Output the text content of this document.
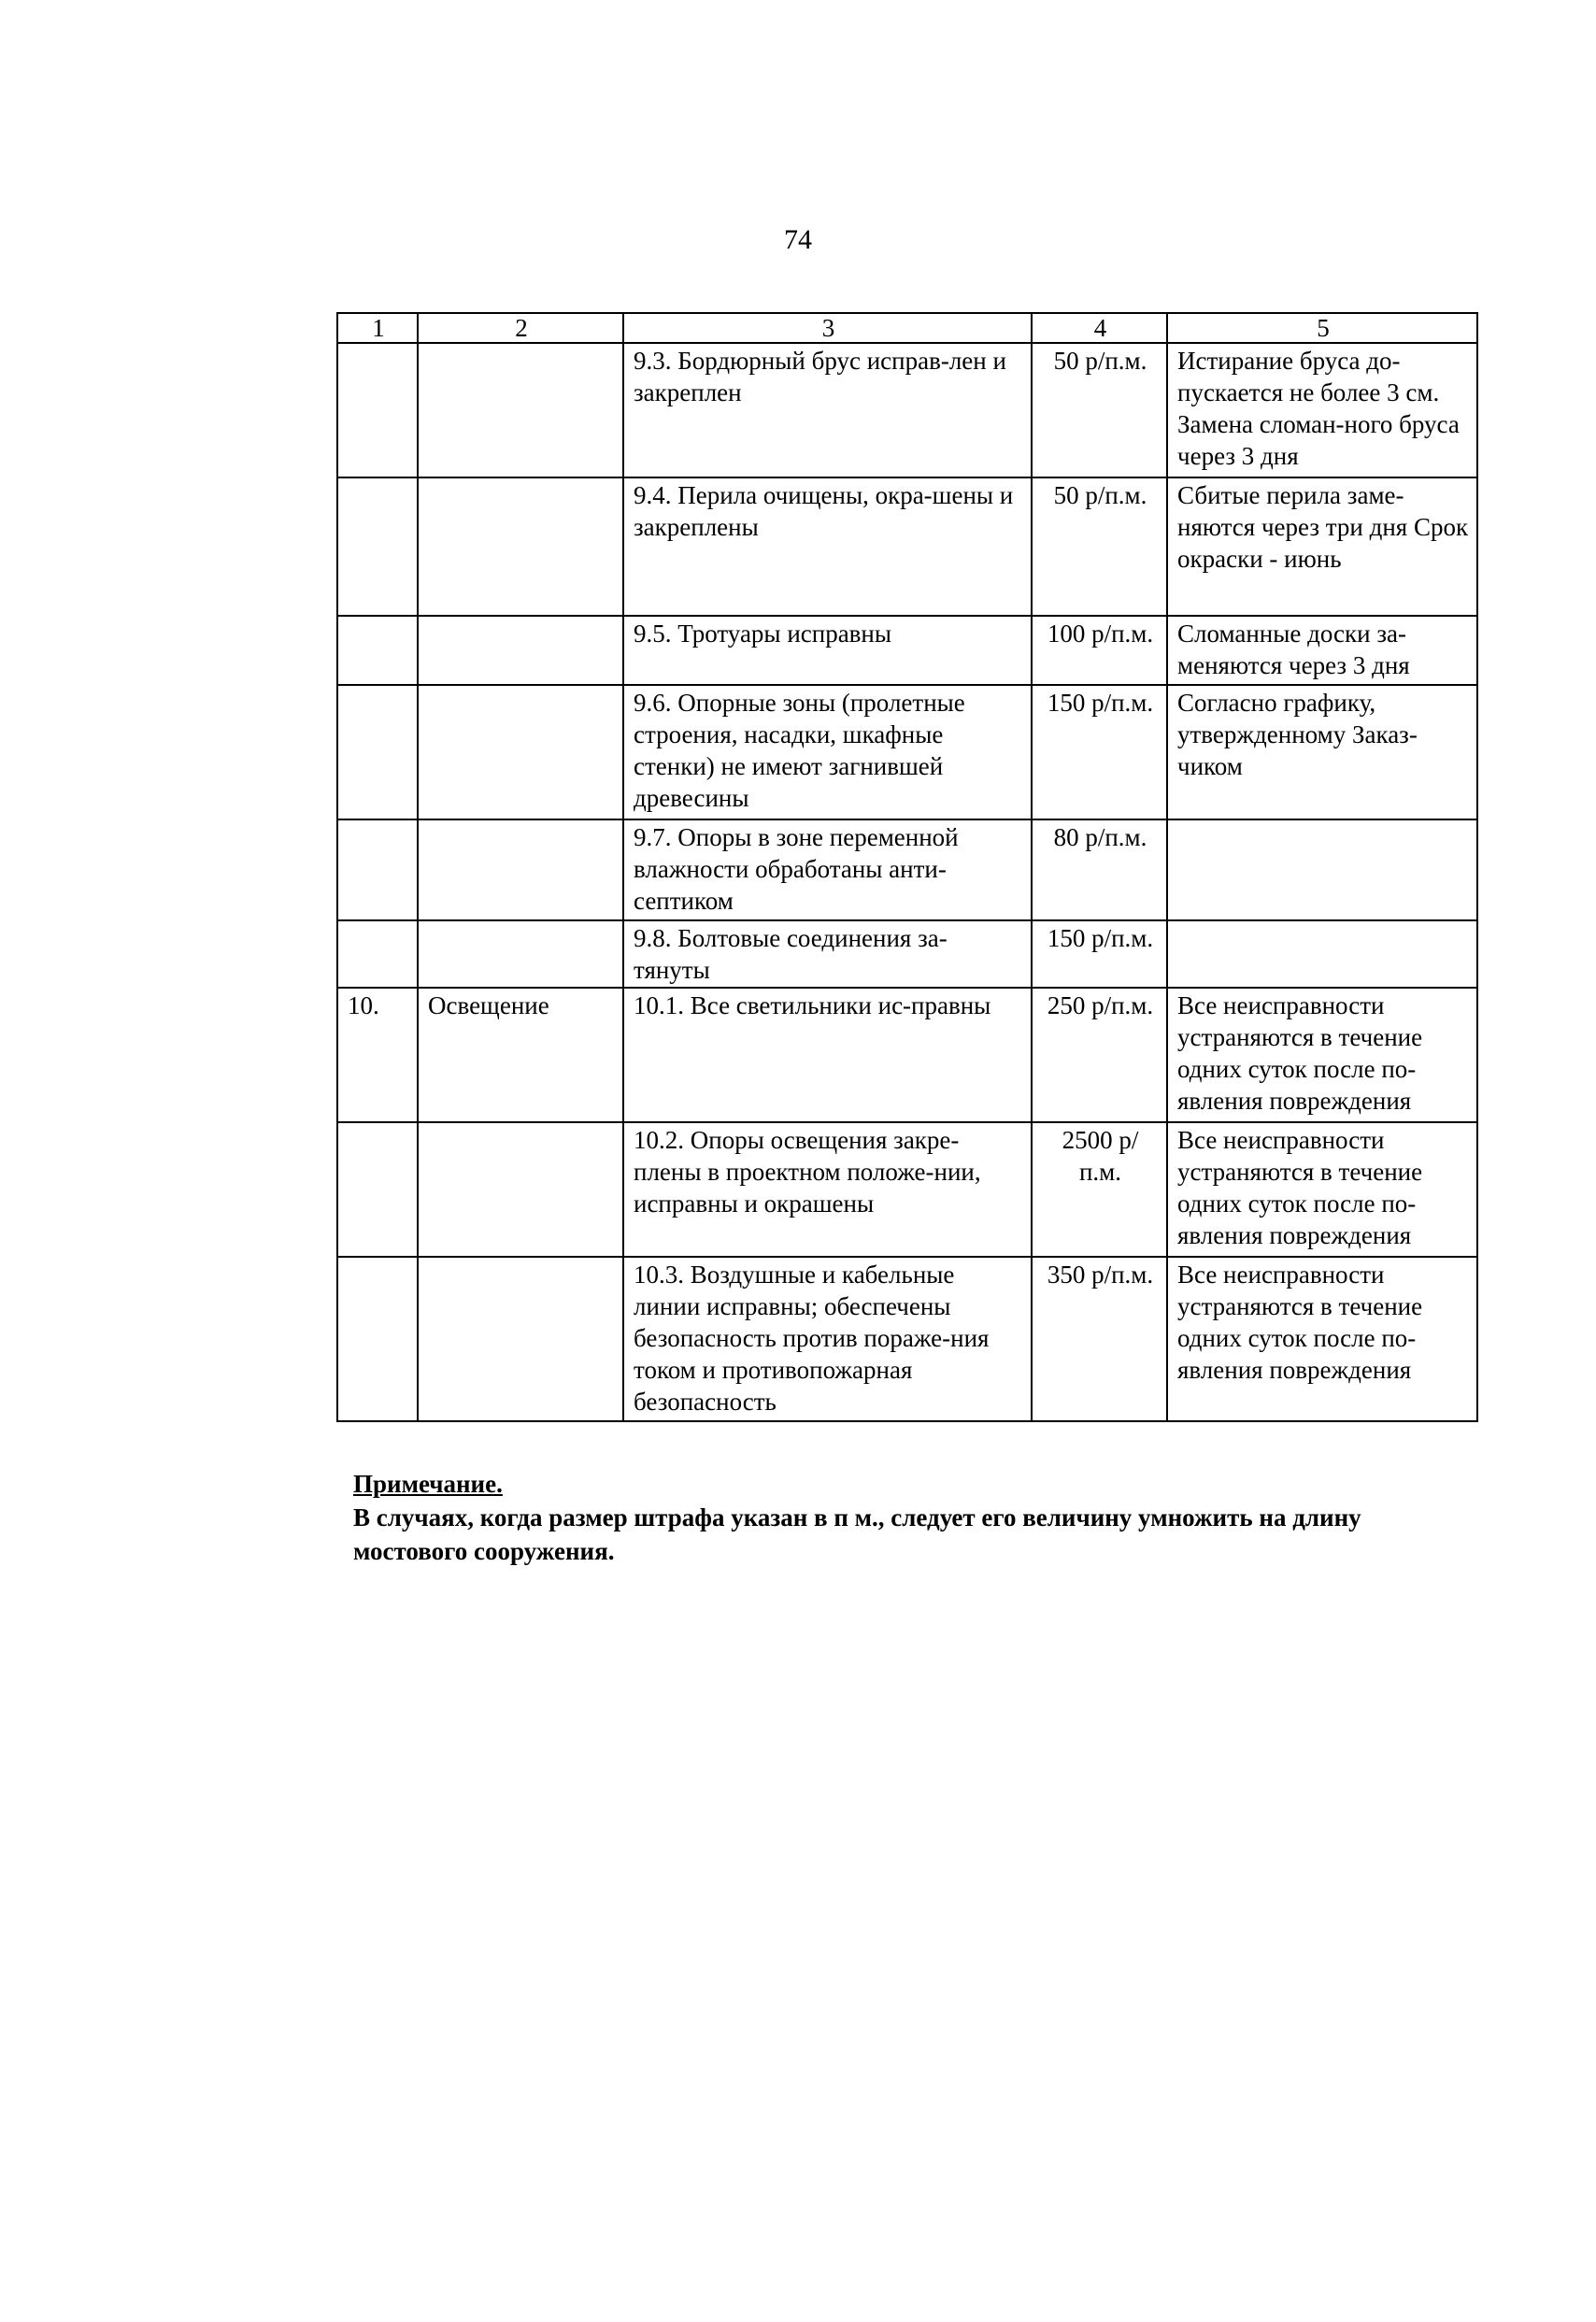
74
1	2	3	4	5
		9.3. Бордюрный брус исправ-лен и закреплен	50 р/п.м.	Истирание бруса до-пускается не более 3 см. Замена сломан-ного бруса через 3 дня
		9.4. Перила очищены, окра-шены и закреплены	50 р/п.м.	Сбитые перила заме-няются через три дня Срок окраски - июнь
		9.5. Тротуары исправны	100 р/п.м.	Сломанные доски за-меняются через 3 дня
		9.6. Опорные зоны (пролетные строения, насадки, шкафные стенки) не имеют загнившей древесины	150 р/п.м.	Согласно графику, утвержденному Заказ-чиком
		9.7. Опоры в зоне переменной влажности обработаны анти-септиком	80 р/п.м.	
		9.8. Болтовые соединения за-тянуты	150 р/п.м.	
10.	Освещение	10.1. Все светильники ис-правны	250 р/п.м.	Все неисправности устраняются в течение одних суток после по-явления повреждения
		10.2. Опоры освещения закре-плены в проектном положе-нии, исправны и окрашены	2500 р/п.м.	Все неисправности устраняются в течение одних суток после по-явления повреждения
		10.3. Воздушные и кабельные линии исправны; обеспечены безопасность против пораже-ния током и противопожарная безопасность	350 р/п.м.	Все неисправности устраняются в течение одних суток после по-явления повреждения
Примечание.
В случаях, когда размер штрафа указан в п м., следует его величину умножить на длину мостового сооружения.
